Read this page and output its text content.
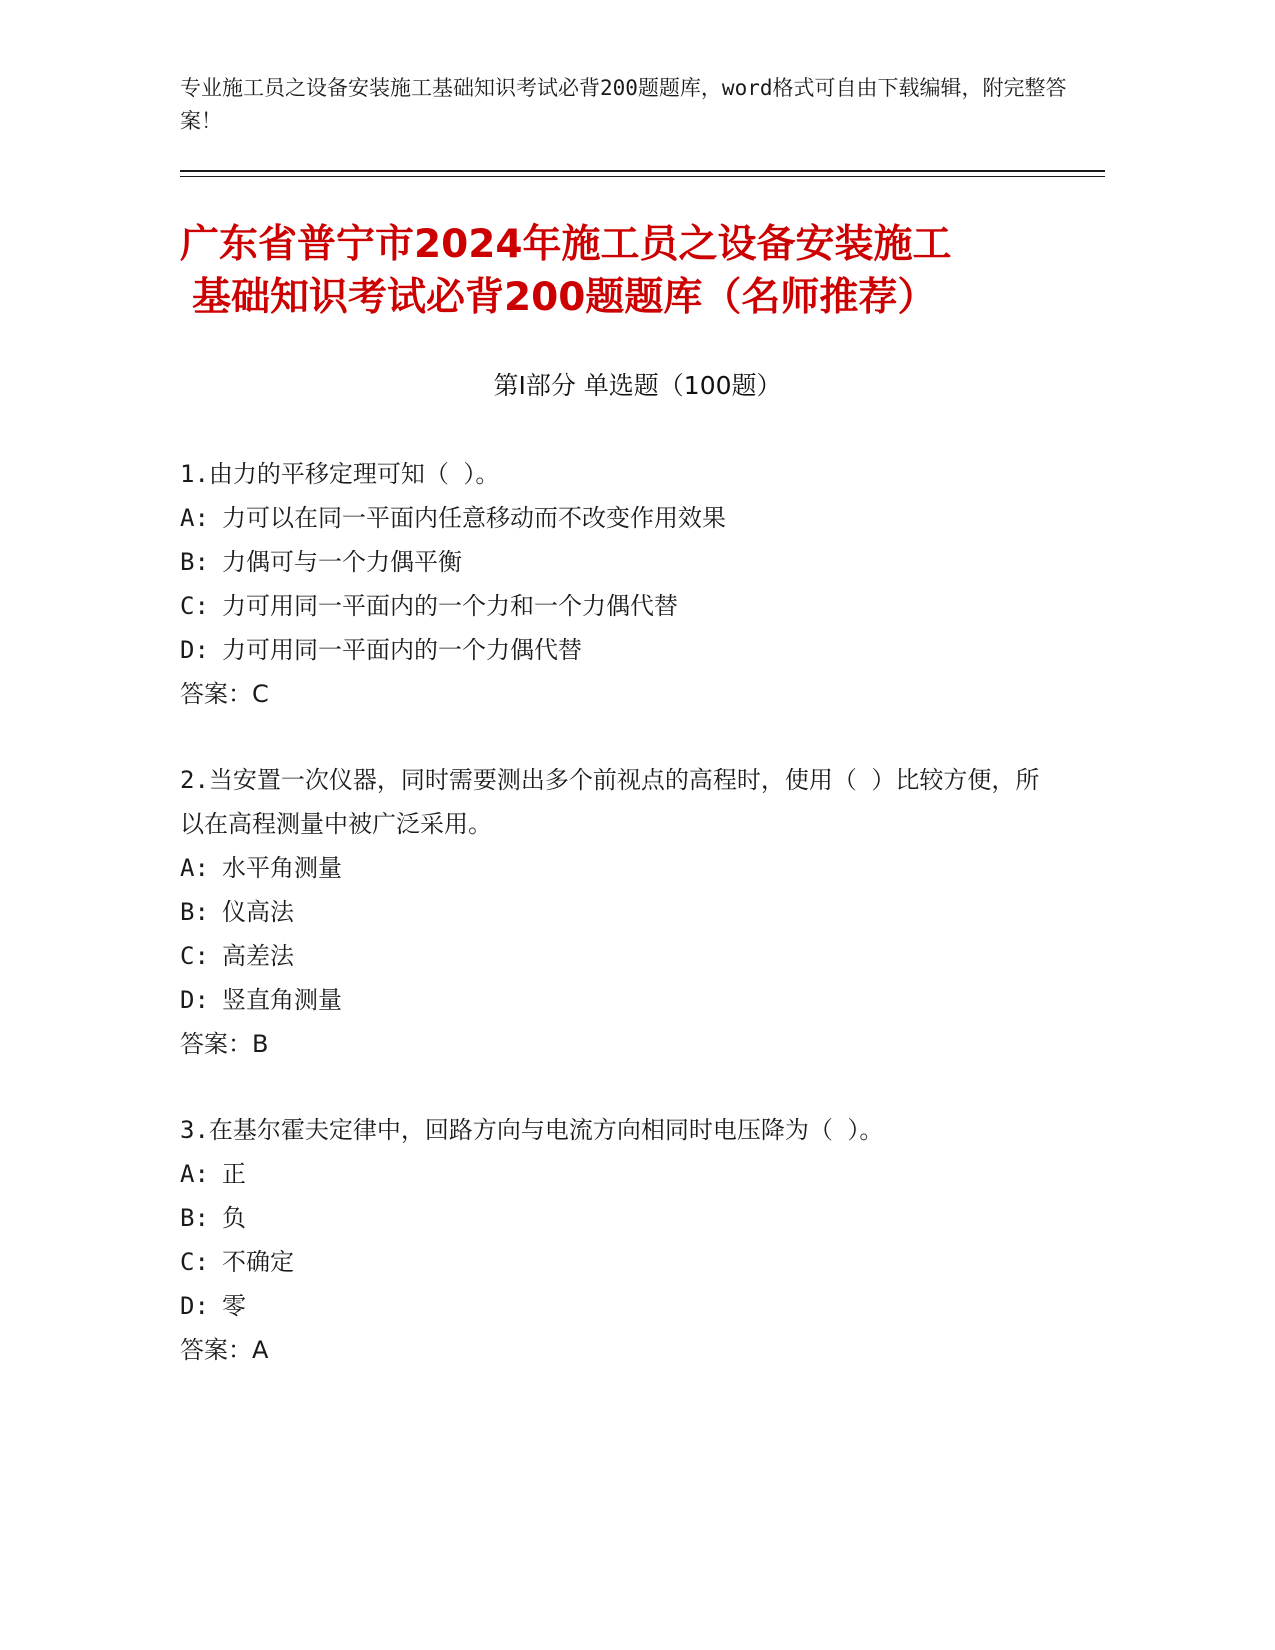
专业施工员之设备安装施工基础知识考试必背200题题库，word格式可自由下载编辑，附完整答案！
广东省普宁市2024年施工员之设备安装施工
基础知识考试必背200题题库（名师推荐）
第Ⅰ部分 单选题（100题）
1.由力的平移定理可知（ ）。
A: 力可以在同一平面内任意移动而不改变作用效果
B: 力偶可与一个力偶平衡
C: 力可用同一平面内的一个力和一个力偶代替
D: 力可用同一平面内的一个力偶代替
答案：C
2.当安置一次仪器，同时需要测出多个前视点的高程时，使用（ ）比较方便，所以在高程测量中被广泛采用。
A: 水平角测量
B: 仪高法
C: 高差法
D: 竖直角测量
答案：B
3.在基尔霍夫定律中，回路方向与电流方向相同时电压降为（ ）。
A: 正
B: 负
C: 不确定
D: 零
答案：A
